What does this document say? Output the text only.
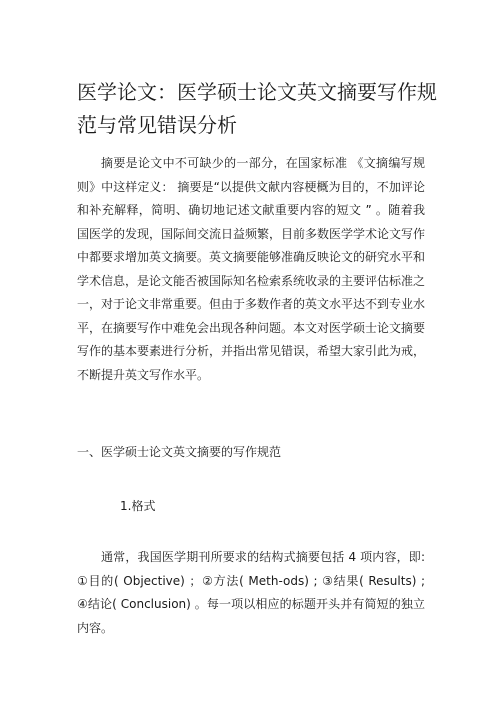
医学论文：医学硕士论文英文摘要写作规范与常见错误分析

摘要是论文中不可缺少的一部分，在国家标准 《文摘编写规则》中这样定义： 摘要是“以提供文献内容梗概为目的，不加评论和补充解释，简明、确切地记述文献重要内容的短文 ” 。随着我国医学的发现，国际间交流日益频繁，目前多数医学学术论文写作中都要求增加英文摘要。英文摘要能够准确反映论文的研究水平和学术信息，是论文能否被国际知名检索系统收录的主要评估标准之一，对于论文非常重要。但由于多数作者的英文水平达不到专业水平，在摘要写作中难免会出现各种问题。本文对医学硕士论文摘要写作的基本要素进行分析，并指出常见错误，希望大家引此为戒，不断提升英文写作水平。

一、医学硕士论文英文摘要的写作规范

1.格式

通常，我国医学期刊所要求的结构式摘要包括 4 项内容，即: ①目的( Objective) ；②方法( Meth-ods) ; ③结果( Results) ; ④结论( Conclusion) 。每一项以相应的标题开头并有简短的独立内容。
